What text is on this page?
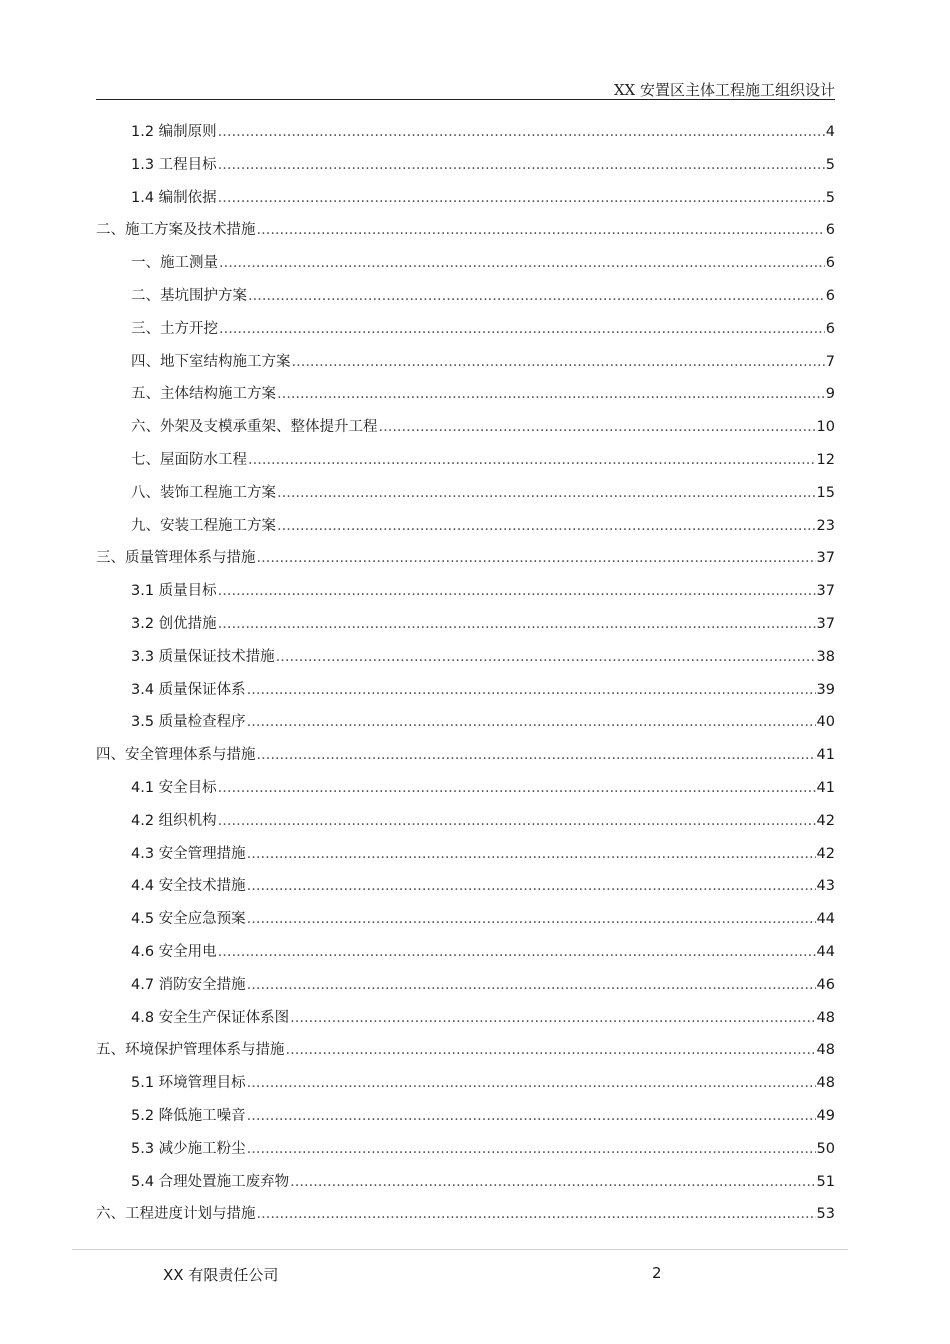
XX 安置区主体工程施工组织设计
1.2 编制原则 .....	4
1.3 工程目标 .....	5
1.4 编制依据 .....	5
二、施工方案及技术措施 .....	6
一、施工测量 .....	6
二、基坑围护方案 .....	6
三、土方开挖 .....	6
四、地下室结构施工方案 .....	7
五、主体结构施工方案 .....	9
六、外架及支模承重架、整体提升工程 .....	10
七、屋面防水工程 .....	12
八、装饰工程施工方案 .....	15
九、安装工程施工方案 .....	23
三、质量管理体系与措施 .....	37
3.1 质量目标 .....	37
3.2 创优措施 .....	37
3.3 质量保证技术措施 .....	38
3.4 质量保证体系 .....	39
3.5 质量检查程序 .....	40
四、安全管理体系与措施 .....	41
4.1 安全目标 .....	41
4.2 组织机构 .....	42
4.3 安全管理措施 .....	42
4.4 安全技术措施 .....	43
4.5 安全应急预案 .....	44
4.6 安全用电 .....	44
4.7 消防安全措施 .....	46
4.8 安全生产保证体系图 .....	48
五、环境保护管理体系与措施 .....	48
5.1 环境管理目标 .....	48
5.2 降低施工噪音 .....	49
5.3 减少施工粉尘 .....	50
5.4 合理处置施工废弃物 .....	51
六、工程进度计划与措施 .....	53
XX 有限责任公司	2
